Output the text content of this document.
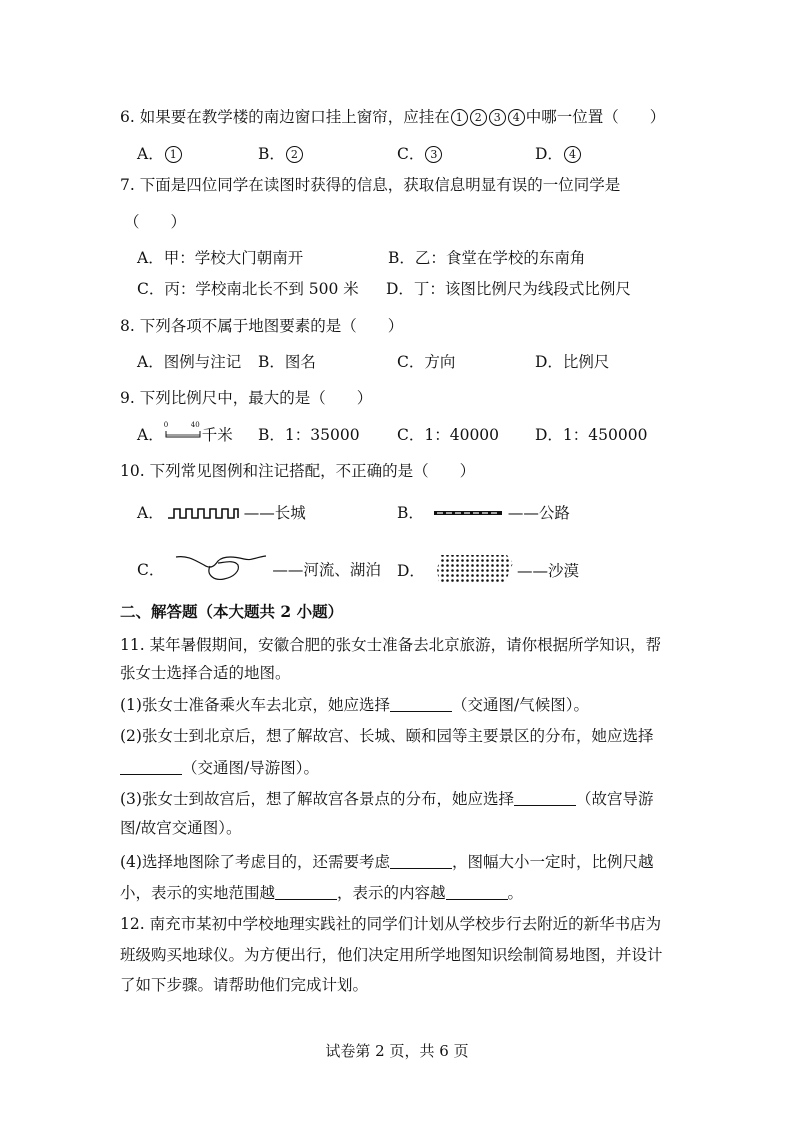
6. 如果要在教学楼的南边窗口挂上窗帘，应挂在 1 2 3 4 中哪一位置（　　）
A． 1	B． 2	C． 3	D． 4
7. 下面是四位同学在读图时获得的信息，获取信息明显有误的一位同学是
（　　）
A．甲：学校大门朝南开	B．乙：食堂在学校的东南角
C．丙：学校南北长不到 500 米 D．丁：该图比例尺为线段式比例尺
8. 下列各项不属于地图要素的是（　　）
A．图例与注记 B．图名	C．方向	D．比例尺
9. 下列比例尺中，最大的是（　　）
A．
0	40
千米 B．1：35000 C．1：40000 D．1：450000
10. 下列常见图例和注记搭配，不正确的是（　　）
A．	——长城	B．	——公路
C．	——河流、湖泊 D．	——沙漠
二、解答题（本大题共 2 小题）
11. 某年暑假期间，安徽合肥的张女士准备去北京旅游，请你根据所学知识，帮
张女士选择合适的地图。
(1)张女士准备乘火车去北京，她应选择	（交通图/气候图）。
(2)张女士到北京后，想了解故宫、长城、颐和园等主要景区的分布，她应选择
（交通图/导游图）。
(3)张女士到故宫后，想了解故宫各景点的分布，她应选择	（故宫导游
图/故宫交通图）。
(4)选择地图除了考虑目的，还需要考虑	，图幅大小一定时，比例尺越
小，表示的实地范围越	，表示的内容越	。
12. 南充市某初中学校地理实践社的同学们计划从学校步行去附近的新华书店为
班级购买地球仪。为方便出行，他们决定用所学地图知识绘制简易地图，并设计
了如下步骤。请帮助他们完成计划。
试卷第 2 页，共 6 页
